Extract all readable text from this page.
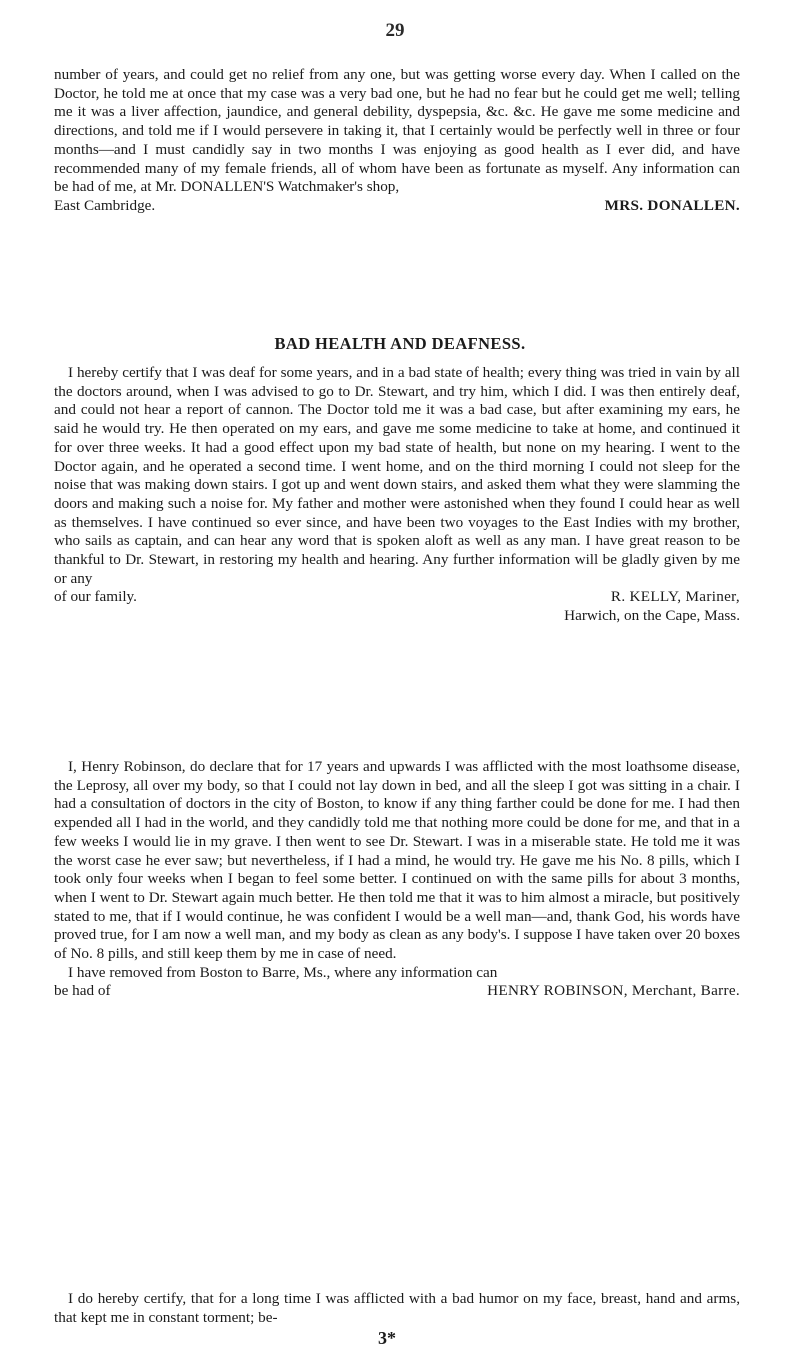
29

number of years, and could get no relief from any one, but was getting worse every day. When I called on the Doctor, he told me at once that my case was a very bad one, but he had no fear but he could get me well; telling me it was a liver affection, jaundice, and general debility, dyspepsia, &c. &c. He gave me some medicine and directions, and told me if I would persevere in taking it, that I certainly would be perfectly well in three or four months—and I must candidly say in two months I was enjoying as good health as I ever did, and have recommended many of my female friends, all of whom have been as fortunate as myself. Any information can be had of me, at Mr. DONALLEN'S Watchmaker's shop,

East Cambridge.	MRS. DONALLEN.
BAD HEALTH AND DEAFNESS.

I hereby certify that I was deaf for some years, and in a bad state of health; every thing was tried in vain by all the doctors around, when I was advised to go to Dr. Stewart, and try him, which I did. I was then entirely deaf, and could not hear a report of cannon. The Doctor told me it was a bad case, but after examining my ears, he said he would try. He then operated on my ears, and gave me some medicine to take at home, and continued it for over three weeks. It had a good effect upon my bad state of health, but none on my hearing. I went to the Doctor again, and he operated a second time. I went home, and on the third morning I could not sleep for the noise that was making down stairs. I got up and went down stairs, and asked them what they were slamming the doors and making such a noise for. My father and mother were astonished when they found I could hear as well as themselves. I have continued so ever since, and have been two voyages to the East Indies with my brother, who sails as captain, and can hear any word that is spoken aloft as well as any man. I have great reason to be thankful to Dr. Stewart, in restoring my health and hearing. Any further information will be gladly given by me or any

of our family.	R. KELLY, Mariner,
Harwich, on the Cape, Mass.

I, Henry Robinson, do declare that for 17 years and upwards I was afflicted with the most loathsome disease, the Leprosy, all over my body, so that I could not lay down in bed, and all the sleep I got was sitting in a chair. I had a consultation of doctors in the city of Boston, to know if any thing farther could be done for me. I had then expended all I had in the world, and they candidly told me that nothing more could be done for me, and that in a few weeks I would lie in my grave. I then went to see Dr. Stewart. I was in a miserable state. He told me it was the worst case he ever saw; but nevertheless, if I had a mind, he would try. He gave me his No. 8 pills, which I took only four weeks when I began to feel some better. I continued on with the same pills for about 3 months, when I went to Dr. Stewart again much better. He then told me that it was to him almost a miracle, but positively stated to me, that if I would continue, he was confident I would be a well man—and, thank God, his words have proved true, for I am now a well man, and my body as clean as any body's. I suppose I have taken over 20 boxes of No. 8 pills, and still keep them by me in case of need.

I have removed from Boston to Barre, Ms., where any information can

be had of	HENRY ROBINSON, Merchant, Barre.

I do hereby certify, that for a long time I was afflicted with a bad humor on my face, breast, hand and arms, that kept me in constant torment; be-

3*
